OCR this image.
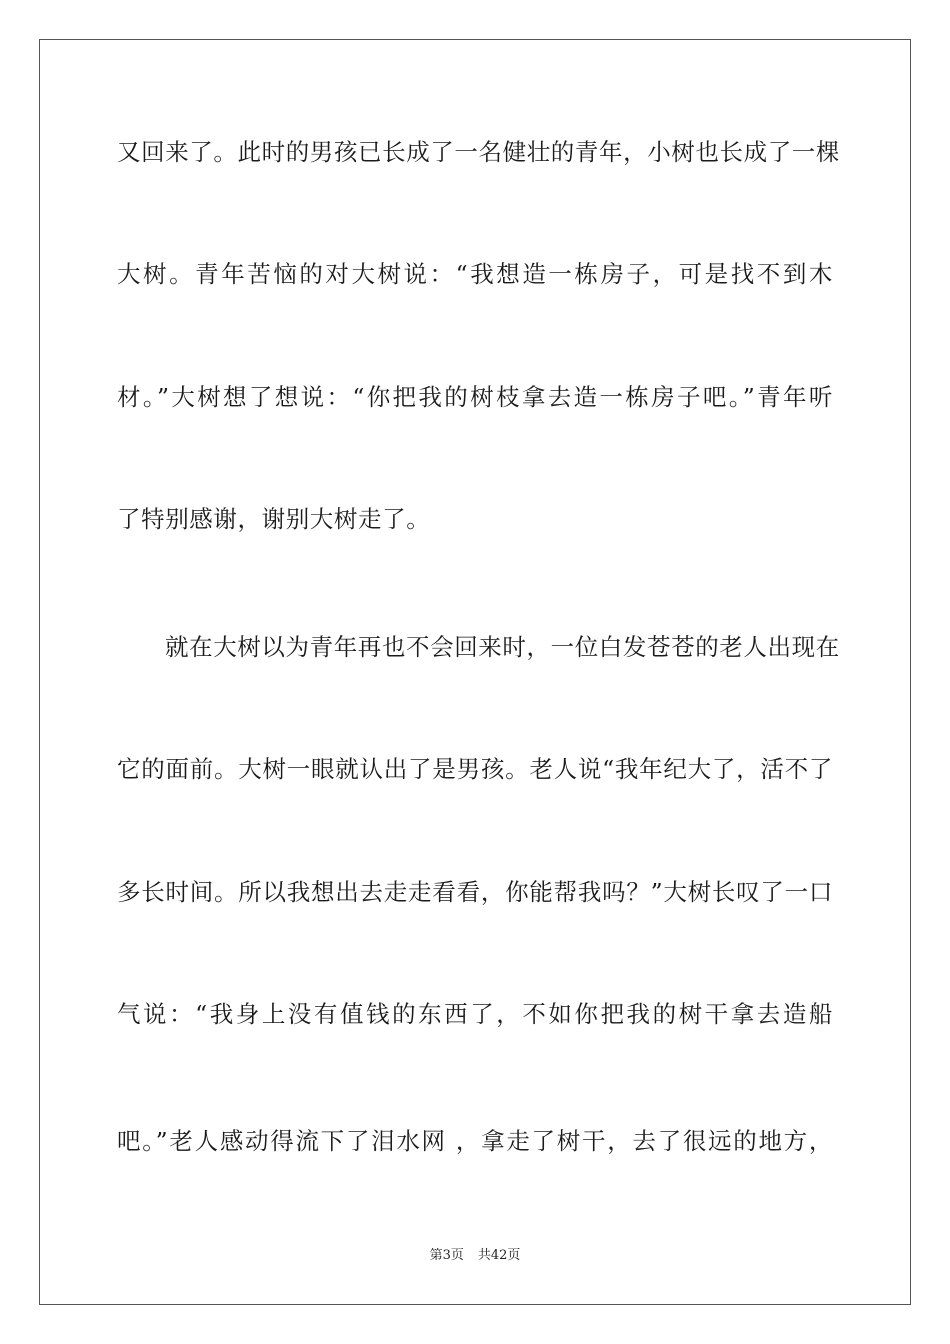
又回来了。此时的男孩已长成了一名健壮的青年，小树也长成了一棵
大树。青年苦恼的对大树说：“我想造一栋房子，可是找不到木
材。”大树想了想说：“你把我的树枝拿去造一栋房子吧。”青年听
了特别感谢，谢别大树走了。
就在大树以为青年再也不会回来时，一位白发苍苍的老人出现在
它的面前。大树一眼就认出了是男孩。老人说“我年纪大了，活不了
多长时间。所以我想出去走走看看，你能帮我吗？”大树长叹了一口
气说：“我身上没有值钱的东西了，不如你把我的树干拿去造船
吧。”老人感动得流下了泪水网 ，拿走了树干，去了很远的地方，
第3页 共42页
